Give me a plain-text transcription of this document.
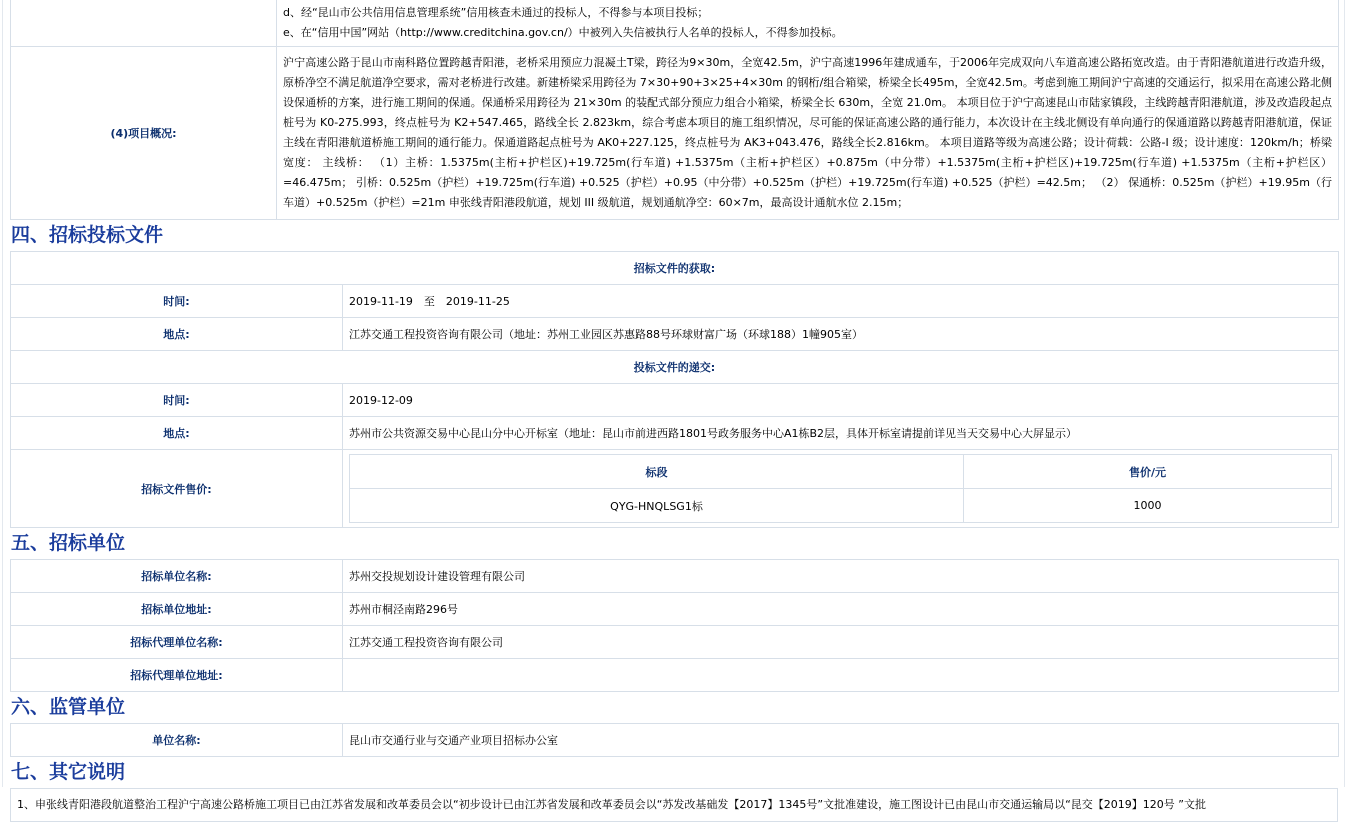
	d、经“昆山市公共信用信息管理系统”信用核查未通过的投标人，不得参与本项目投标；
e、在“信用中国”网站（http://www.creditchina.gov.cn/）中被列入失信被执行人名单的投标人，不得参加投标。

(4)项目概况:	沪宁高速公路于昆山市南科路位置跨越青阳港，老桥采用预应力混凝土T梁，跨径为9×30m，全宽42.5m，沪宁高速1996年建成通车，于2006年完成双向八车道高速公路拓宽改造。由于青阳港航道进行改造升级，原桥净空不满足航道净空要求，需对老桥进行改建。新建桥梁采用跨径为 7×30+90+3×25+4×30m 的钢桁/组合箱梁，桥梁全长495m，全宽42.5m。考虑到施工期间沪宁高速的交通运行，拟采用在高速公路北侧设保通桥的方案，进行施工期间的保通。保通桥采用跨径为 21×30m 的装配式部分预应力组合小箱梁，桥梁全长 630m，全宽 21.0m。 本项目位于沪宁高速昆山市陆家镇段，主线跨越青阳港航道，涉及改造段起点桩号为 K0-275.993，终点桩号为 K2+547.465，路线全长 2.823km，综合考虑本项目的施工组织情况，尽可能的保证高速公路的通行能力，本次设计在主线北侧设有单向通行的保通道路以跨越青阳港航道，保证主线在青阳港航道桥施工期间的通行能力。保通道路起点桩号为 AK0+227.125，终点桩号为 AK3+043.476，路线全长2.816km。 本项目道路等级为高速公路；设计荷载：公路-I 级；设计速度：120km/h；桥梁宽度： 主线桥： （1）主桥：1.5375m(主桁+护栏区)+19.725m(行车道) +1.5375m（主桁+护栏区）+0.875m（中分带）+1.5375m(主桁+护栏区)+19.725m(行车道) +1.5375m（主桁+护栏区）=46.475m； 引桥：0.525m（护栏）+19.725m(行车道) +0.525（护栏）+0.95（中分带）+0.525m（护栏）+19.725m(行车道) +0.525（护栏）=42.5m； （2） 保通桥：0.525m（护栏）+19.95m（行车道）+0.525m（护栏）=21m 申张线青阳港段航道，规划 III 级航道，规划通航净空：60×7m，最高设计通航水位 2.15m；
四、招标投标文件
招标文件的获取:
时间:	2019-11-19　至　2019-11-25
地点:	江苏交通工程投资咨询有限公司（地址：苏州工业园区苏惠路88号环球财富广场（环球188）1幢905室）
投标文件的递交:
时间:	2019-12-09
地点:	苏州市公共资源交易中心昆山分中心开标室（地址：昆山市前进西路1801号政务服务中心A1栋B2层，具体开标室请提前详见当天交易中心大屏显示）
招标文件售价:	
标段	售价/元
QYG-HNQLSG1标	1000
五、招标单位
招标单位名称:	苏州交投规划设计建设管理有限公司
招标单位地址:	苏州市桐泾南路296号
招标代理单位名称:	江苏交通工程投资咨询有限公司
招标代理单位地址:	
六、监管单位
单位名称:	昆山市交通行业与交通产业项目招标办公室
七、其它说明
1、申张线青阳港段航道整治工程沪宁高速公路桥施工项目已由江苏省发展和改革委员会以“初步设计已由江苏省发展和改革委员会以“苏发改基础发【2017】1345号”文批准建设，施工图设计已由昆山市交通运输局以“昆交【2019】120号 ”文批
